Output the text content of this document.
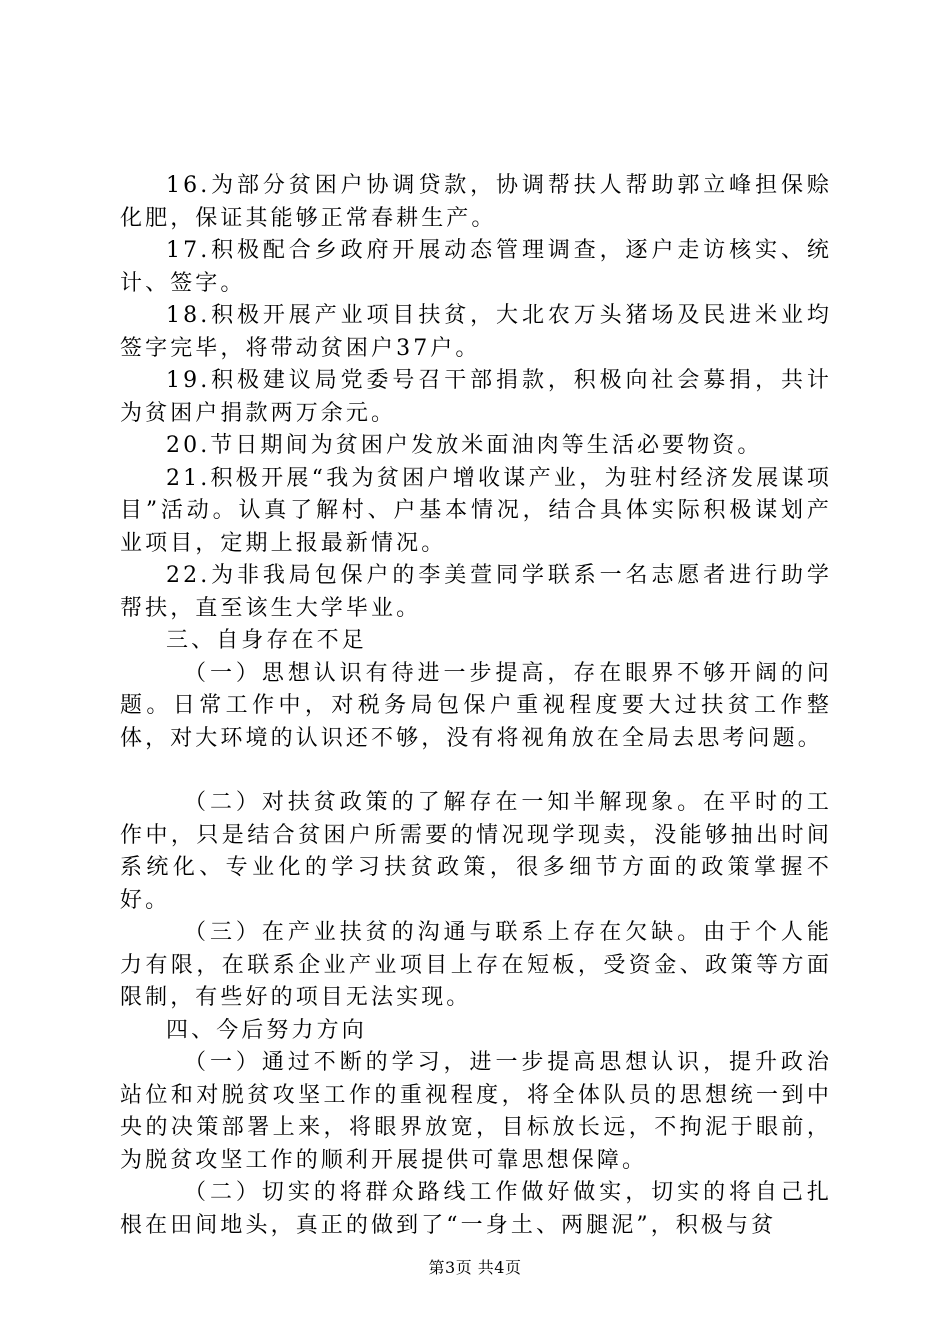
16.为部分贫困户协调贷款，协调帮扶人帮助郭立峰担保赊化肥，保证其能够正常春耕生产。

17.积极配合乡政府开展动态管理调查，逐户走访核实、统计、签字。

18.积极开展产业项目扶贫，大北农万头猪场及民进米业均签字完毕，将带动贫困户37户。

19.积极建议局党委号召干部捐款，积极向社会募捐，共计为贫困户捐款两万余元。

20.节日期间为贫困户发放米面油肉等生活必要物资。

21.积极开展“我为贫困户增收谋产业，为驻村经济发展谋项目”活动。认真了解村、户基本情况，结合具体实际积极谋划产业项目，定期上报最新情况。

22.为非我局包保户的李美萱同学联系一名志愿者进行助学帮扶，直至该生大学毕业。

三、自身存在不足

（一）思想认识有待进一步提高，存在眼界不够开阔的问题。日常工作中，对税务局包保户重视程度要大过扶贫工作整体，对大环境的认识还不够，没有将视角放在全局去思考问题。

（二）对扶贫政策的了解存在一知半解现象。在平时的工作中，只是结合贫困户所需要的情况现学现卖，没能够抽出时间系统化、专业化的学习扶贫政策，很多细节方面的政策掌握不好。

（三）在产业扶贫的沟通与联系上存在欠缺。由于个人能力有限，在联系企业产业项目上存在短板，受资金、政策等方面限制，有些好的项目无法实现。

四、今后努力方向

（一）通过不断的学习，进一步提高思想认识，提升政治站位和对脱贫攻坚工作的重视程度，将全体队员的思想统一到中央的决策部署上来，将眼界放宽，目标放长远，不拘泥于眼前，为脱贫攻坚工作的顺利开展提供可靠思想保障。

（二）切实的将群众路线工作做好做实，切实的将自己扎根在田间地头，真正的做到了“一身土、两腿泥”，积极与贫

第3页 共4页
